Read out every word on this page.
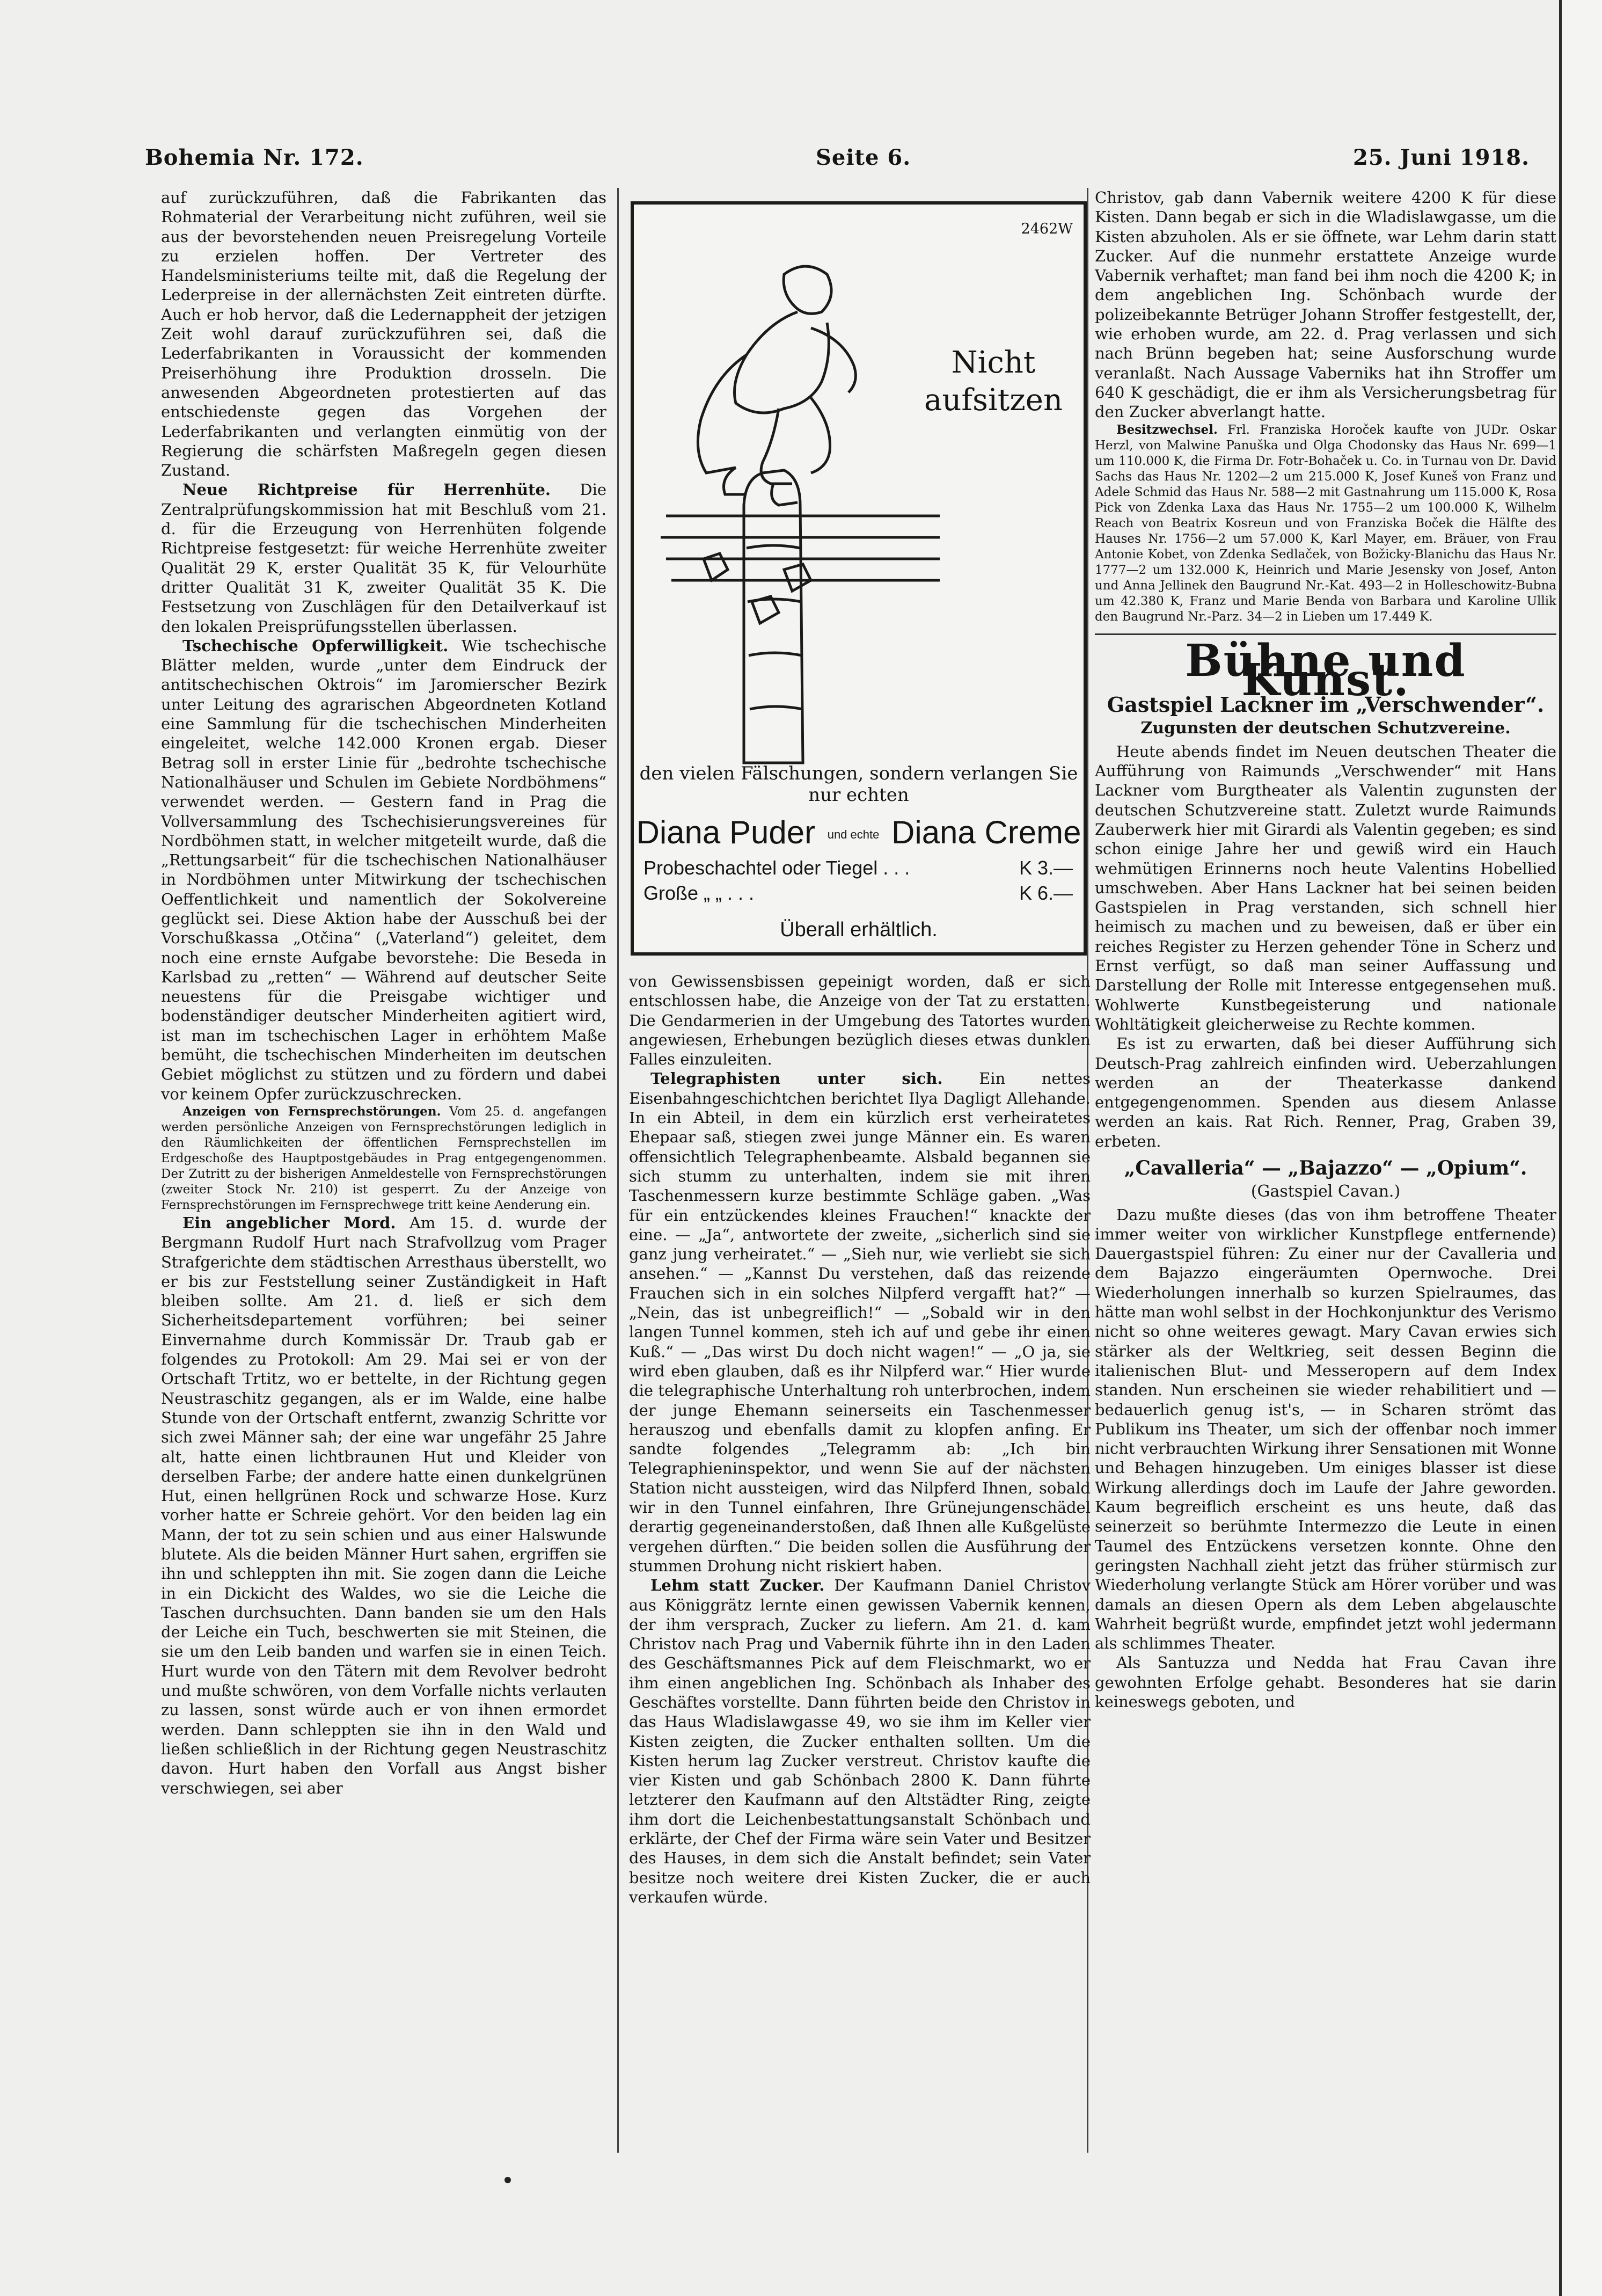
Bohemia Nr. 172.	Seite 6.	25. Juni 1918.

auf zurückzuführen, daß die Fabrikanten das Rohmaterial der Verarbeitung nicht zuführen, weil sie aus der bevorstehenden neuen Preisregelung Vorteile zu erzielen hoffen. Der Vertreter des Handelsministeriums teilte mit, daß die Regelung der Lederpreise in der allernächsten Zeit eintreten dürfte. Auch er hob hervor, daß die Ledernappheit der jetzigen Zeit wohl darauf zurückzuführen sei, daß die Lederfabrikanten in Voraussicht der kommenden Preiserhöhung ihre Produktion drosseln. Die anwesenden Abgeordneten protestierten auf das entschiedenste gegen das Vorgehen der Lederfabrikanten und verlangten einmütig von der Regierung die schärfsten Maßregeln gegen diesen Zustand.

Neue Richtpreise für Herrenhüte. Die Zentralprüfungskommission hat mit Beschluß vom 21. d. für die Erzeugung von Herrenhüten folgende Richtpreise festgesetzt: für weiche Herrenhüte zweiter Qualität 29 K, erster Qualität 35 K, für Velourhüte dritter Qualität 31 K, zweiter Qualität 35 K. Die Festsetzung von Zuschlägen für den Detailverkauf ist den lokalen Preisprüfungsstellen überlassen.

Tschechische Opferwilligkeit. Wie tschechische Blätter melden, wurde „unter dem Eindruck der antitschechischen Oktrois“ im Jaromierscher Bezirk unter Leitung des agrarischen Abgeordneten Kotland eine Sammlung für die tschechischen Minderheiten eingeleitet, welche 142.000 Kronen ergab. Dieser Betrag soll in erster Linie für „bedrohte tschechische Nationalhäuser und Schulen im Gebiete Nordböhmens“ verwendet werden. — Gestern fand in Prag die Vollversammlung des Tschechisierungsvereines für Nordböhmen statt, in welcher mitgeteilt wurde, daß die „Rettungsarbeit“ für die tschechischen Nationalhäuser in Nordböhmen unter Mitwirkung der tschechischen Oeffentlichkeit und namentlich der Sokolvereine geglückt sei. Diese Aktion habe der Ausschuß bei der Vorschußkassa „Otčina“ („Vaterland“) geleitet, dem noch eine ernste Aufgabe bevorstehe: Die Beseda in Karlsbad zu „retten“ — Während auf deutscher Seite neuestens für die Preisgabe wichtiger und bodenständiger deutscher Minderheiten agitiert wird, ist man im tschechischen Lager in erhöhtem Maße bemüht, die tschechischen Minderheiten im deutschen Gebiet möglichst zu stützen und zu fördern und dabei vor keinem Opfer zurückzuschrecken.

Anzeigen von Fernsprechstörungen. Vom 25. d. angefangen werden persönliche Anzeigen von Fernsprechstörungen lediglich in den Räumlichkeiten der öffentlichen Fernsprechstellen im Erdgeschoße des Hauptpostgebäudes in Prag entgegengenommen. Der Zutritt zu der bisherigen Anmeldestelle von Fernsprechstörungen (zweiter Stock Nr. 210) ist gesperrt. Zu der Anzeige von Fernsprechstörungen im Fernsprechwege tritt keine Aenderung ein.

Ein angeblicher Mord. Am 15. d. wurde der Bergmann Rudolf Hurt nach Strafvollzug vom Prager Strafgerichte dem städtischen Arresthaus überstellt, wo er bis zur Feststellung seiner Zuständigkeit in Haft bleiben sollte. Am 21. d. ließ er sich dem Sicherheitsdepartement vorführen; bei seiner Einvernahme durch Kommissär Dr. Traub gab er folgendes zu Protokoll: Am 29. Mai sei er von der Ortschaft Trtitz, wo er bettelte, in der Richtung gegen Neustraschitz gegangen, als er im Walde, eine halbe Stunde von der Ortschaft entfernt, zwanzig Schritte vor sich zwei Männer sah; der eine war ungefähr 25 Jahre alt, hatte einen lichtbraunen Hut und Kleider von derselben Farbe; der andere hatte einen dunkelgrünen Hut, einen hellgrünen Rock und schwarze Hose. Kurz vorher hatte er Schreie gehört. Vor den beiden lag ein Mann, der tot zu sein schien und aus einer Halswunde blutete. Als die beiden Männer Hurt sahen, ergriffen sie ihn und schleppten ihn mit. Sie zogen dann die Leiche in ein Dickicht des Waldes, wo sie die Leiche die Taschen durchsuchten. Dann banden sie um den Hals der Leiche ein Tuch, beschwerten sie mit Steinen, die sie um den Leib banden und warfen sie in einen Teich. Hurt wurde von den Tätern mit dem Revolver bedroht und mußte schwören, von dem Vorfalle nichts verlauten zu lassen, sonst würde auch er von ihnen ermordet werden. Dann schleppten sie ihn in den Wald und ließen schließlich in der Richtung gegen Neustraschitz davon. Hurt haben den Vorfall aus Angst bisher verschwiegen, sei aber

2462W
Nicht aufsitzen
den vielen Fälschungen, sondern verlangen Sie nur echten
Diana Puder und echte Diana Creme
Probeschachtel oder Tiegel . . .	K 3.—
Große „ „ . . .	K 6.—
Überall erhältlich.

von Gewissensbissen gepeinigt worden, daß er sich entschlossen habe, die Anzeige von der Tat zu erstatten. Die Gendarmerien in der Umgebung des Tatortes wurden angewiesen, Erhebungen bezüglich dieses etwas dunklen Falles einzuleiten.

Telegraphisten unter sich. Ein nettes Eisenbahngeschichtchen berichtet Ilya Dagligt Allehande. In ein Abteil, in dem ein kürzlich erst verheiratetes Ehepaar saß, stiegen zwei junge Männer ein. Es waren offensichtlich Telegraphenbeamte. Alsbald begannen sie sich stumm zu unterhalten, indem sie mit ihren Taschenmessern kurze bestimmte Schläge gaben. „Was für ein entzückendes kleines Frauchen!“ knackte der eine. — „Ja“, antwortete der zweite, „sicherlich sind sie ganz jung verheiratet.“ — „Sieh nur, wie verliebt sie sich ansehen.“ — „Kannst Du verstehen, daß das reizende Frauchen sich in ein solches Nilpferd vergafft hat?“ — „Nein, das ist unbegreiflich!“ — „Sobald wir in den langen Tunnel kommen, steh ich auf und gebe ihr einen Kuß.“ — „Das wirst Du doch nicht wagen!“ — „O ja, sie wird eben glauben, daß es ihr Nilpferd war.“ Hier wurde die telegraphische Unterhaltung roh unterbrochen, indem der junge Ehemann seinerseits ein Taschenmesser herauszog und ebenfalls damit zu klopfen anfing. Er sandte folgendes „Telegramm ab: „Ich bin Telegraphieninspektor, und wenn Sie auf der nächsten Station nicht aussteigen, wird das Nilpferd Ihnen, sobald wir in den Tunnel einfahren, Ihre Grünejungenschädel derartig gegeneinanderstoßen, daß Ihnen alle Kußgelüste vergehen dürften.“ Die beiden sollen die Ausführung der stummen Drohung nicht riskiert haben.

Lehm statt Zucker. Der Kaufmann Daniel Christov aus Königgrätz lernte einen gewissen Vabernik kennen, der ihm versprach, Zucker zu liefern. Am 21. d. kam Christov nach Prag und Vabernik führte ihn in den Laden des Geschäftsmannes Pick auf dem Fleischmarkt, wo er ihm einen angeblichen Ing. Schönbach als Inhaber des Geschäftes vorstellte. Dann führten beide den Christov in das Haus Wladislawgasse 49, wo sie ihm im Keller vier Kisten zeigten, die Zucker enthalten sollten. Um die Kisten herum lag Zucker verstreut. Christov kaufte die vier Kisten und gab Schönbach 2800 K. Dann führte letzterer den Kaufmann auf den Altstädter Ring, zeigte ihm dort die Leichenbestattungsanstalt Schönbach und erklärte, der Chef der Firma wäre sein Vater und Besitzer des Hauses, in dem sich die Anstalt befindet; sein Vater besitze noch weitere drei Kisten Zucker, die er auch verkaufen würde.

Christov, gab dann Vabernik weitere 4200 K für diese Kisten. Dann begab er sich in die Wladislawgasse, um die Kisten abzuholen. Als er sie öffnete, war Lehm darin statt Zucker. Auf die nunmehr erstattete Anzeige wurde Vabernik verhaftet; man fand bei ihm noch die 4200 K; in dem angeblichen Ing. Schönbach wurde der polizeibekannte Betrüger Johann Stroffer festgestellt, der, wie erhoben wurde, am 22. d. Prag verlassen und sich nach Brünn begeben hat; seine Ausforschung wurde veranlaßt. Nach Aussage Vaberniks hat ihn Stroffer um 640 K geschädigt, die er ihm als Versicherungsbetrag für den Zucker abverlangt hatte.

Besitzwechsel. Frl. Franziska Horoček kaufte von JUDr. Oskar Herzl, von Malwine Panuška und Olga Chodonsky das Haus Nr. 699—1 um 110.000 K, die Firma Dr. Fotr-Bohaček u. Co. in Turnau von Dr. David Sachs das Haus Nr. 1202—2 um 215.000 K, Josef Kuneš von Franz und Adele Schmid das Haus Nr. 588—2 mit Gastnahrung um 115.000 K, Rosa Pick von Zdenka Laxa das Haus Nr. 1755—2 um 100.000 K, Wilhelm Reach von Beatrix Kosreun und von Franziska Boček die Hälfte des Hauses Nr. 1756—2 um 57.000 K, Karl Mayer, em. Bräuer, von Frau Antonie Kobet, von Zdenka Sedlaček, von Božicky-Blanichu das Haus Nr. 1777—2 um 132.000 K, Heinrich und Marie Jesensky von Josef, Anton und Anna Jellinek den Baugrund Nr.-Kat. 493—2 in Holleschowitz-Bubna um 42.380 K, Franz und Marie Benda von Barbara und Karoline Ullik den Baugrund Nr.-Parz. 34—2 in Lieben um 17.449 K.

Bühne und Kunst.
Gastspiel Lackner im „Verschwender“.
Zugunsten der deutschen Schutzvereine.

Heute abends findet im Neuen deutschen Theater die Aufführung von Raimunds „Verschwender“ mit Hans Lackner vom Burgtheater als Valentin zugunsten der deutschen Schutzvereine statt. Zuletzt wurde Raimunds Zauberwerk hier mit Girardi als Valentin gegeben; es sind schon einige Jahre her und gewiß wird ein Hauch wehmütigen Erinnerns noch heute Valentins Hobellied umschweben. Aber Hans Lackner hat bei seinen beiden Gastspielen in Prag verstanden, sich schnell hier heimisch zu machen und zu beweisen, daß er über ein reiches Register zu Herzen gehender Töne in Scherz und Ernst verfügt, so daß man seiner Auffassung und Darstellung der Rolle mit Interesse entgegensehen muß. Wohlwerte Kunstbegeisterung und nationale Wohltätigkeit gleicherweise zu Rechte kommen.

Es ist zu erwarten, daß bei dieser Aufführung sich Deutsch-Prag zahlreich einfinden wird. Ueberzahlungen werden an der Theaterkasse dankend entgegengenommen. Spenden aus diesem Anlasse werden an kais. Rat Rich. Renner, Prag, Graben 39, erbeten.

„Cavalleria“ — „Bajazzo“ — „Opium“.
(Gastspiel Cavan.)

Dazu mußte dieses (das von ihm betroffene Theater immer weiter von wirklicher Kunstpflege entfernende) Dauergastspiel führen: Zu einer nur der Cavalleria und dem Bajazzo eingeräumten Opernwoche. Drei Wiederholungen innerhalb so kurzen Spielraumes, das hätte man wohl selbst in der Hochkonjunktur des Verismo nicht so ohne weiteres gewagt. Mary Cavan erwies sich stärker als der Weltkrieg, seit dessen Beginn die italienischen Blut- und Messeropern auf dem Index standen. Nun erscheinen sie wieder rehabilitiert und — bedauerlich genug ist's, — in Scharen strömt das Publikum ins Theater, um sich der offenbar noch immer nicht verbrauchten Wirkung ihrer Sensationen mit Wonne und Behagen hinzugeben. Um einiges blasser ist diese Wirkung allerdings doch im Laufe der Jahre geworden. Kaum begreiflich erscheint es uns heute, daß das seinerzeit so berühmte Intermezzo die Leute in einen Taumel des Entzückens versetzen konnte. Ohne den geringsten Nachhall zieht jetzt das früher stürmisch zur Wiederholung verlangte Stück am Hörer vorüber und was damals an diesen Opern als dem Leben abgelauschte Wahrheit begrüßt wurde, empfindet jetzt wohl jedermann als schlimmes Theater.

Als Santuzza und Nedda hat Frau Cavan ihre gewohnten Erfolge gehabt. Besonderes hat sie darin keineswegs geboten, und
